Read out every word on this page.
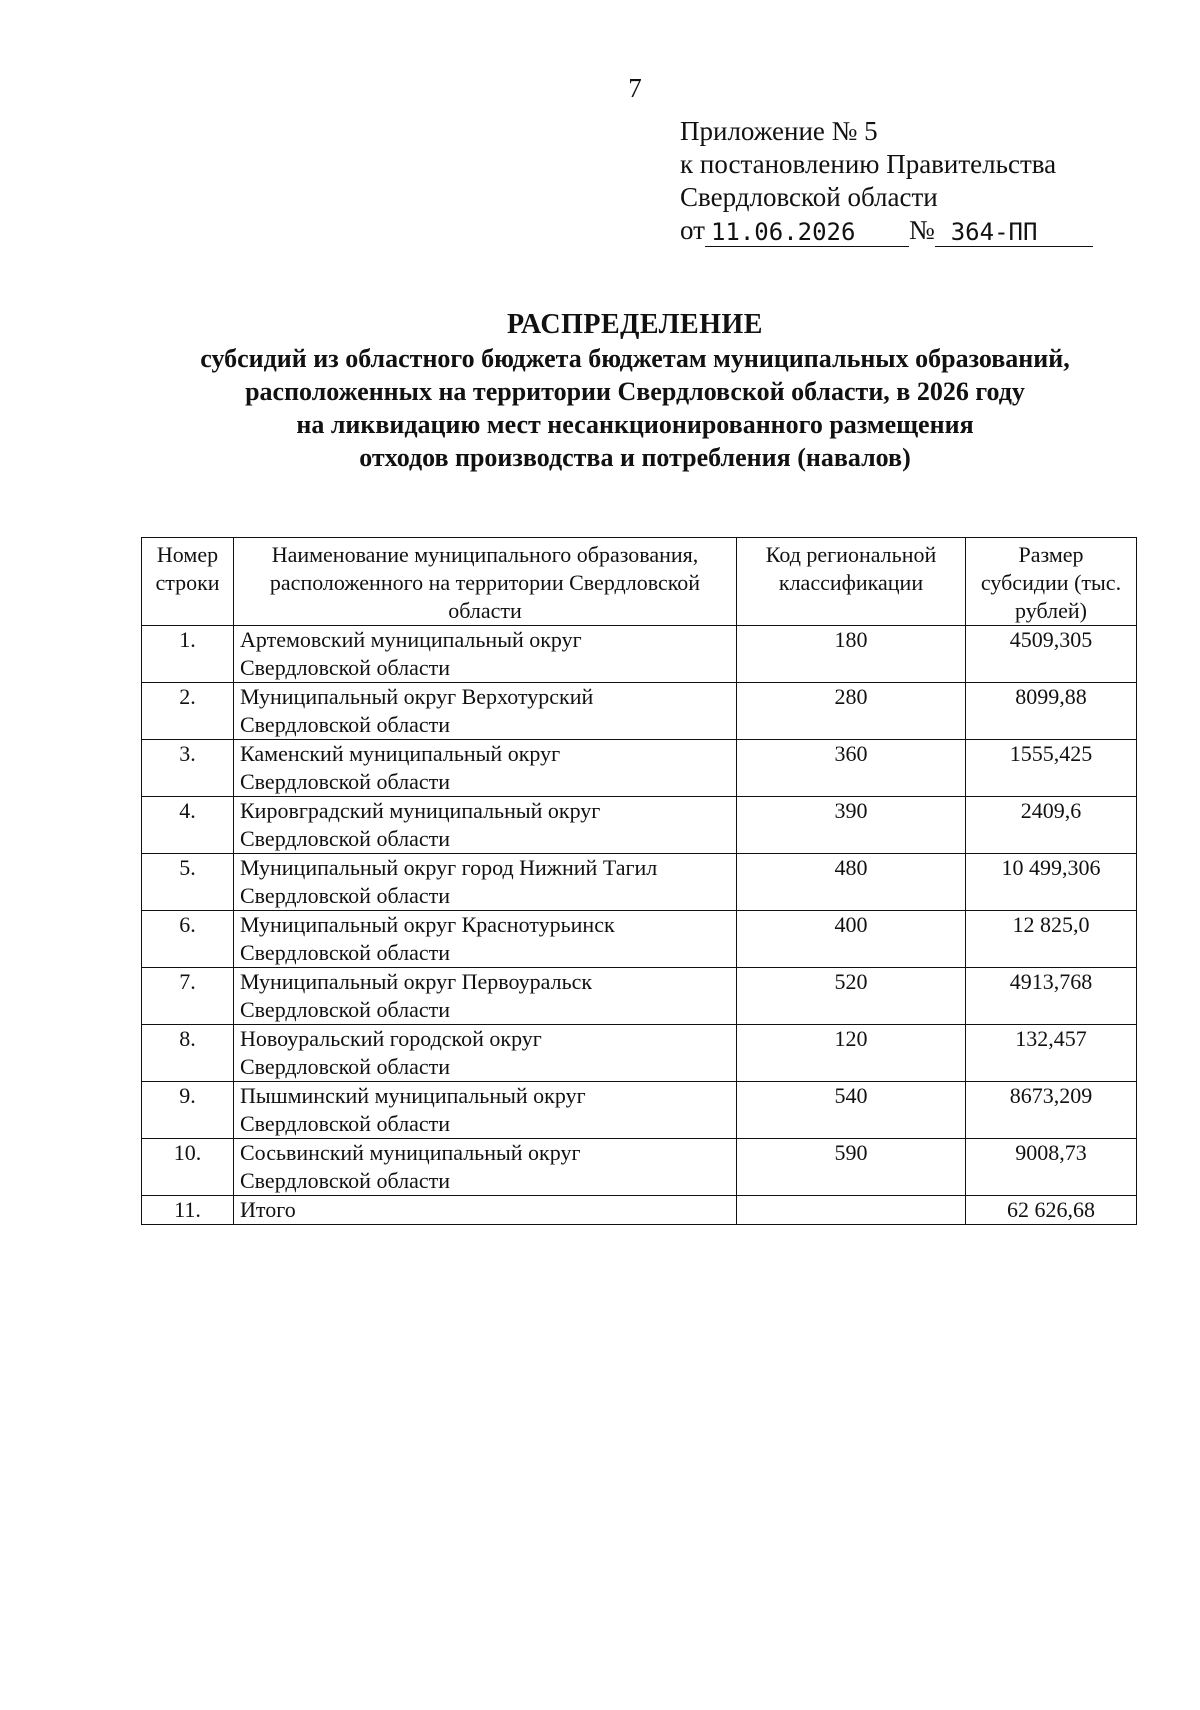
7
Приложение № 5
к постановлению Правительства
Свердловской области
от 11.06.2026	№ 364-ПП
РАСПРЕДЕЛЕНИЕ
субсидий из областного бюджета бюджетам муниципальных образований,
расположенных на территории Свердловской области, в 2026 году
на ликвидацию мест несанкционированного размещения
отходов производства и потребления (навалов)
Номер строки	Наименование муниципального образования, расположенного на территории Свердловской области	Код региональной классификации	Размер субсидии (тыс. рублей)
1.	Артемовский муниципальный округ
Свердловской области	180	4509,305
2.	Муниципальный округ Верхотурский
Свердловской области	280	8099,88
3.	Каменский муниципальный округ
Свердловской области	360	1555,425
4.	Кировградский муниципальный округ
Свердловской области	390	2409,6
5.	Муниципальный округ город Нижний Тагил
Свердловской области	480	10 499,306
6.	Муниципальный округ Краснотурьинск
Свердловской области	400	12 825,0
7.	Муниципальный округ Первоуральск
Свердловской области	520	4913,768
8.	Новоуральский городской округ
Свердловской области	120	132,457
9.	Пышминский муниципальный округ
Свердловской области	540	8673,209
10.	Сосьвинский муниципальный округ
Свердловской области	590	9008,73
11.	Итого		62 626,68
